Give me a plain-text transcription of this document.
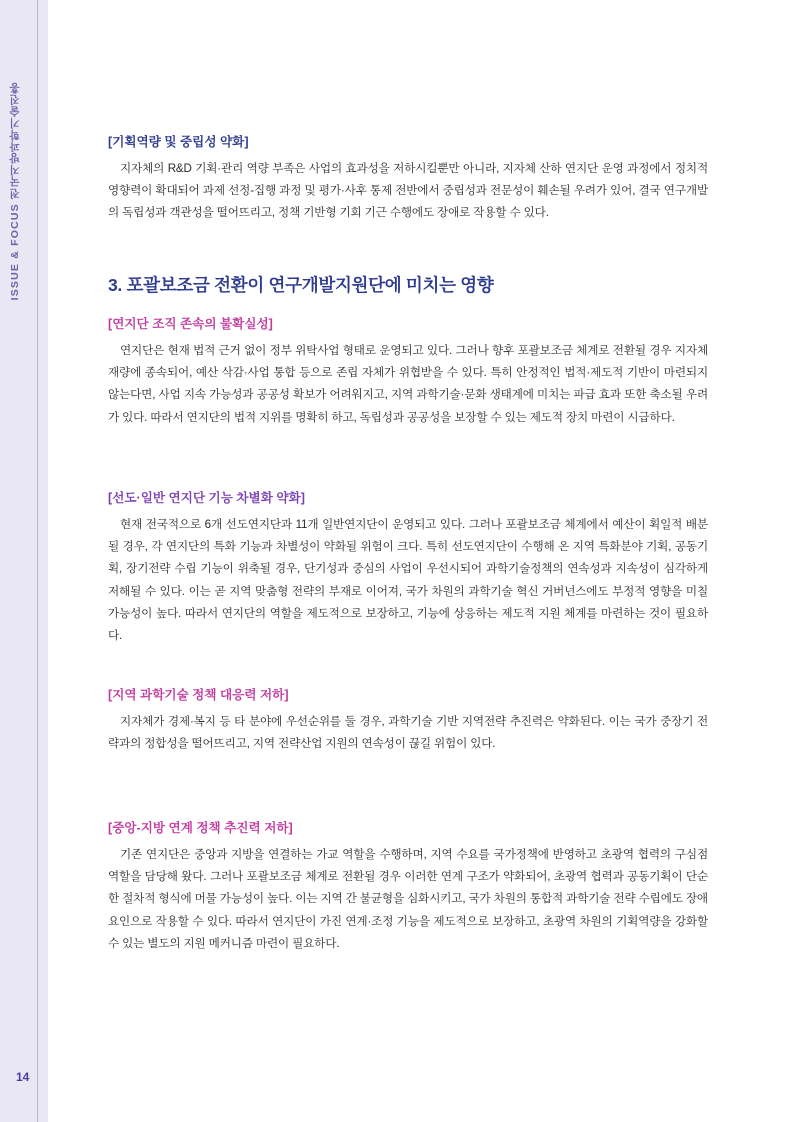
ISSUE & FOCUS 전국지방과학기술진흥
14

[기획역량 및 중립성 약화]

지자체의 R&D 기획·관리 역량 부족은 사업의 효과성을 저하시킬뿐만 아니라, 지자체 산하 연지단 운영 과정에서 정치적 영향력이 확대되어 과제 선정-집행 과정 및 평가·사후 통제 전반에서 중립성과 전문성이 훼손될 우려가 있어, 결국 연구개발의 독립성과 객관성을 떨어뜨리고, 정책 기반형 기회 기근 수행에도 장애로 작용할 수 있다.

3. 포괄보조금 전환이 연구개발지원단에 미치는 영향

[연지단 조직 존속의 불확실성]

연지단은 현재 법적 근거 없이 정부 위탁사업 형태로 운영되고 있다. 그러나 향후 포괄보조금 체계로 전환될 경우 지자체 재량에 종속되어, 예산 삭감·사업 통합 등으로 존립 자체가 위협받을 수 있다. 특히 안정적인 법적·제도적 기반이 마련되지 않는다면, 사업 지속 가능성과 공공성 확보가 어려워지고, 지역 과학기술·문화 생태계에 미치는 파급 효과 또한 축소될 우려가 있다. 따라서 연지단의 법적 지위를 명확히 하고, 독립성과 공공성을 보장할 수 있는 제도적 장치 마련이 시급하다.

[선도·일반 연지단 기능 차별화 약화]

현재 전국적으로 6개 선도연지단과 11개 일반연지단이 운영되고 있다. 그러나 포괄보조금 체계에서 예산이 획일적 배분될 경우, 각 연지단의 특화 기능과 차별성이 약화될 위험이 크다. 특히 선도연지단이 수행해 온 지역 특화분야 기획, 공동기획, 장기전략 수립 기능이 위축될 경우, 단기성과 중심의 사업이 우선시되어 과학기술정책의 연속성과 지속성이 심각하게 저해될 수 있다. 이는 곧 지역 맞춤형 전략의 부재로 이어져, 국가 차원의 과학기술 혁신 거버넌스에도 부정적 영향을 미칠 가능성이 높다. 따라서 연지단의 역할을 제도적으로 보장하고, 기능에 상응하는 제도적 지원 체계를 마련하는 것이 필요하다.

[지역 과학기술 정책 대응력 저하]

지자체가 경제·복지 등 타 분야에 우선순위를 둘 경우, 과학기술 기반 지역전략 추진력은 약화된다. 이는 국가 중장기 전략과의 정합성을 떨어뜨리고, 지역 전략산업 지원의 연속성이 끊길 위험이 있다.

[중앙-지방 연계 정책 추진력 저하]

기존 연지단은 중앙과 지방을 연결하는 가교 역할을 수행하며, 지역 수요를 국가정책에 반영하고 초광역 협력의 구심점 역할을 담당해 왔다. 그러나 포괄보조금 체계로 전환될 경우 이러한 연계 구조가 약화되어, 초광역 협력과 공동기획이 단순한 절차적 형식에 머물 가능성이 높다. 이는 지역 간 불균형을 심화시키고, 국가 차원의 통합적 과학기술 전략 수립에도 장애 요인으로 작용할 수 있다. 따라서 연지단이 가진 연계·조정 기능을 제도적으로 보장하고, 초광역 차원의 기획역량을 강화할 수 있는 별도의 지원 메커니즘 마련이 필요하다.
